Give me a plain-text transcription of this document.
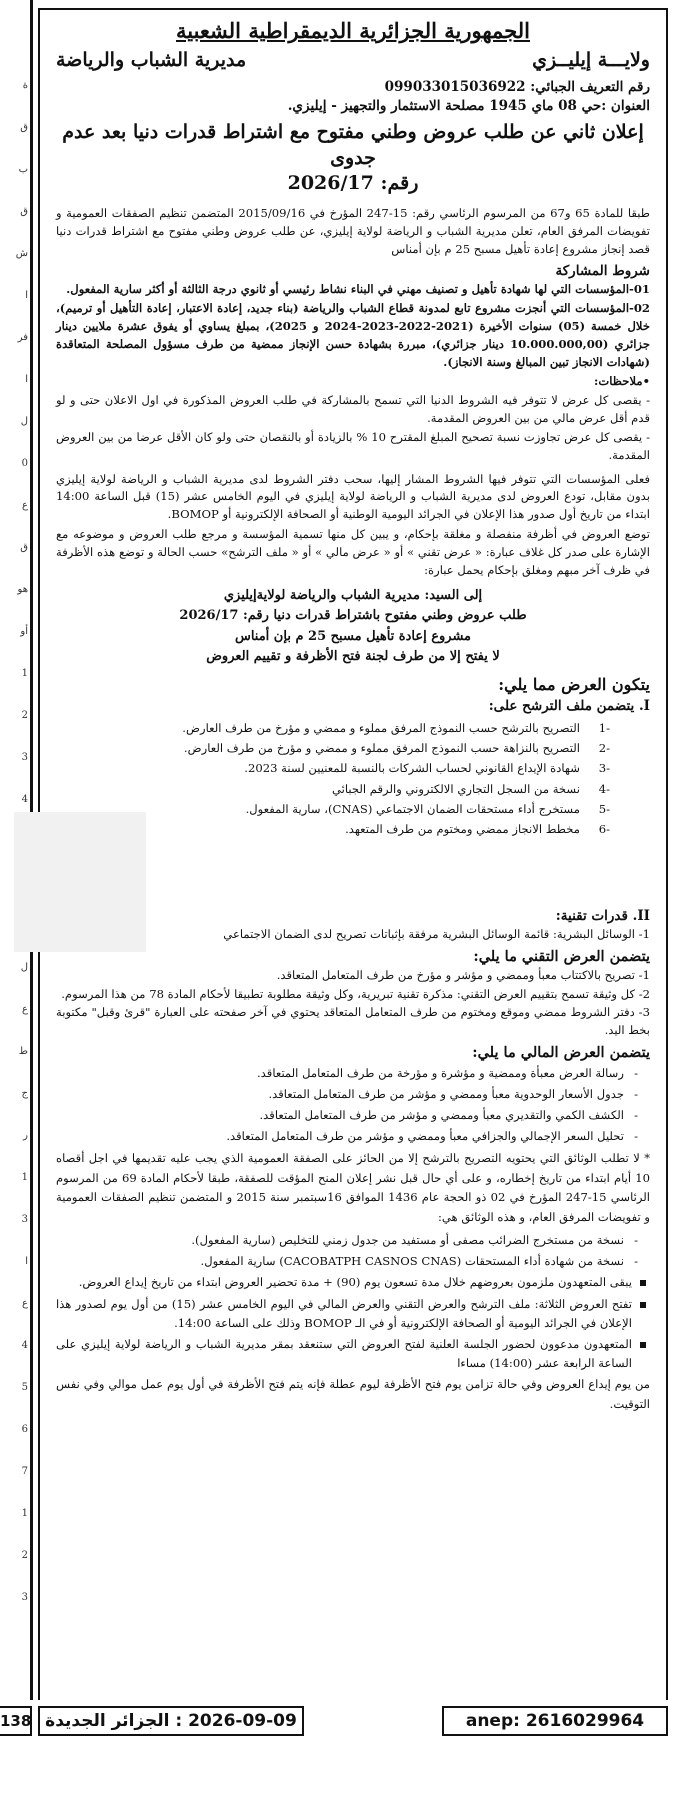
ة
ق
ب
ق
ش
ا
فر
ا
ل
0
ع
ق
هو
أو
1
2
3
4
ل
ع
ط
ج
ر
1
3
ا
ع
4
5
6
7
1
2
3
الجمهورية الجزائرية الديمقراطية الشعبية
ولايـــة إيليــزي
مديرية الشباب والرياضة
رقم التعريف الجبائي: 099033015036922
العنوان :حي 08 ماي 1945 مصلحة الاستثمار والتجهيز - إيليزي.
إعلان ثاني عن طلب عروض وطني مفتوح مع اشتراط قدرات دنيا بعد عدم جدوى
رقم: 2026/17
طبقا للمادة 65 و67 من المرسوم الرئاسي رقم: 15-247 المؤرخ في 2015/09/16 المتضمن تنظيم الصفقات العمومية و تفويضات المرفق العام، تعلن مديرية الشباب و الرياضة لولاية إيليزي، عن طلب عروض وطني مفتوح مع اشتراط قدرات دنيا قصد إنجاز مشروع إعادة تأهيل مسبح 25 م بإن أمناس
شروط المشاركة
01-المؤسسات التي لها شهادة تأهيل و تصنيف مهني في البناء نشاط رئيسي أو ثانوي درجة الثالثة أو أكثر سارية المفعول.
02-المؤسسات التي أنجزت مشروع تابع لمدونة قطاع الشباب والرياضة (بناء جديد، إعادة الاعتبار، إعادة التأهيل أو ترميم)، خلال خمسة (05) سنوات الأخيرة (2021-2022-2023-2024 و 2025)، بمبلغ يساوي أو يفوق عشرة ملايين دينار جزائري (10.000.000,00 دينار جزائري)، مبررة بشهادة حسن الإنجاز ممضية من طرف مسؤول المصلحة المتعاقدة (شهادات الانجاز تبين المبالغ وسنة الانجاز).
•ملاحظات:
- يقصى كل عرض لا تتوفر فيه الشروط الدنيا التي تسمح بالمشاركة في طلب العروض المذكورة في اول الاعلان حتى و لو قدم أقل عرض مالي من بين العروض المقدمة.
- يقصى كل عرض تجاوزت نسبة تصحيح المبلغ المقترح 10 % بالزيادة أو بالنقصان حتى ولو كان الأقل عرضا من بين العروض المقدمة.
فعلى المؤسسات التي تتوفر فيها الشروط المشار إليها، سحب دفتر الشروط لدى مديرية الشباب و الرياضة لولاية إيليزي بدون مقابل، تودع العروض لدى مديرية الشباب و الرياضة لولاية إيليزي في اليوم الخامس عشر (15) قبل الساعة 14:00 ابتداء من تاريخ أول صدور هذا الإعلان في الجرائد اليومية الوطنية أو الصحافة الإلكترونية أو BOMOP.
توضع العروض في أظرفة منفصلة و مغلقة بإحكام، و يبين كل منها تسمية المؤسسة و مرجع طلب العروض و موضوعه مع الإشارة على صدر كل غلاف عبارة: « عرض تقني » أو « عرض مالي » أو « ملف الترشح» حسب الحالة و توضع هذه الأظرفة في ظرف آخر مبهم ومغلق بإحكام يحمل عبارة:
إلى السيد: مديرية الشباب والرياضة لولايةإيليزي
طلب عروض وطني مفتوح باشتراط قدرات دنيا رقم: 2026/17
مشروع إعادة تأهيل مسبح 25 م بإن أمناس
لا يفتح إلا من طرف لجنة فتح الأظرفة و تقييم العروض
يتكون العرض مما يلي:
I. يتضمن ملف الترشح على:
-1
التصريح بالترشح حسب النموذج المرفق مملوء و ممضي و مؤرخ من طرف العارض.
-2
التصريح بالنزاهة حسب النموذج المرفق مملوء و ممضي و مؤرخ من طرف العارض.
-3
شهادة الإيداع القانوني لحساب الشركات بالنسبة للمعنيين لسنة 2023.
-4
نسخة من السجل التجاري الالكتروني والرقم الجبائي
-5
مستخرج أداء مستحقات الضمان الاجتماعي (CNAS)، سارية المفعول.
-6
مخطط الانجاز ممضي ومختوم من طرف المتعهد.
II. قدرات تقنية:
1- الوسائل البشرية: قائمة الوسائل البشرية مرفقة بإثباتات تصريح لدى الضمان الاجتماعي
يتضمن العرض التقني ما يلي:
1- تصريح بالاكتتاب معبأ وممضي و مؤشر و مؤرخ من طرف المتعامل المتعاقد.
2- كل وثيقة تسمح بتقييم العرض التقني: مذكرة تقنية تبريرية، وكل وثيقة مطلوبة تطبيقا لأحكام المادة 78 من هذا المرسوم.
3- دفتر الشروط ممضي وموقع ومختوم من طرف المتعامل المتعاقد يحتوي في آخر صفحته على العبارة "قرئ وقبل" مكتوبة بخط اليد.
يتضمن العرض المالي ما يلي:
- رسالة العرض معبأة وممضية و مؤشرة و مؤرخة من طرف المتعامل المتعاقد.
- جدول الأسعار الوحدوية معبأ وممضي و مؤشر من طرف المتعامل المتعاقد.
- الكشف الكمي والتقديري معبأ وممضي و مؤشر من طرف المتعامل المتعاقد.
- تحليل السعر الإجمالي والجزافي معبأ وممضي و مؤشر من طرف المتعامل المتعاقد.
* لا تطلب الوثائق التي يحتويه التصريح بالترشح إلا من الحائز على الصفقة العمومية الذي يجب عليه تقديمها في اجل أقصاه 10 أيام ابتداء من تاريخ إخطاره، و على أي حال قبل نشر إعلان المنح المؤقت للصفقة، طبقا لأحكام المادة 69 من المرسوم الرئاسي 15-247 المؤرخ في 02 ذو الحجة عام 1436 الموافق 16سبتمبر سنة 2015 و المتضمن تنظيم الصفقات العمومية و تفويضات المرفق العام، و هذه الوثائق هي:
- نسخة من مستخرج الضرائب مصفى أو مستفيد من جدول زمني للتخليص (سارية المفعول).
- نسخة من شهادة أداء المستحقات (CACOBATPH CASNOS CNAS) سارية المفعول.
يبقى المتعهدون ملزمون بعروضهم خلال مدة تسعون يوم (90) + مدة تحضير العروض ابتداء من تاريخ إيداع العروض.
تفتح العروض الثلاثة: ملف الترشح والعرض التقني والعرض المالي في اليوم الخامس عشر (15) من أول يوم لصدور هذا الإعلان في الجرائد اليومية أو الصحافة الإلكترونية أو في الـ BOMOP وذلك على الساعة 14:00.
المتعهدون مدعوون لحضور الجلسة العلنية لفتح العروض التي ستنعقد بمقر مديرية الشباب و الرياضة لولاية إيليزي على الساعة الرابعة عشر (14:00) مساءا
من يوم إيداع العروض وفي حالة تزامن يوم فتح الأظرفة ليوم عطلة فإنه يتم فتح الأظرفة في أول يوم عمل موالي وفي نفس التوقيت.
138 2026-09-09 : الجزائر الجديدة	anep: 2616029964
